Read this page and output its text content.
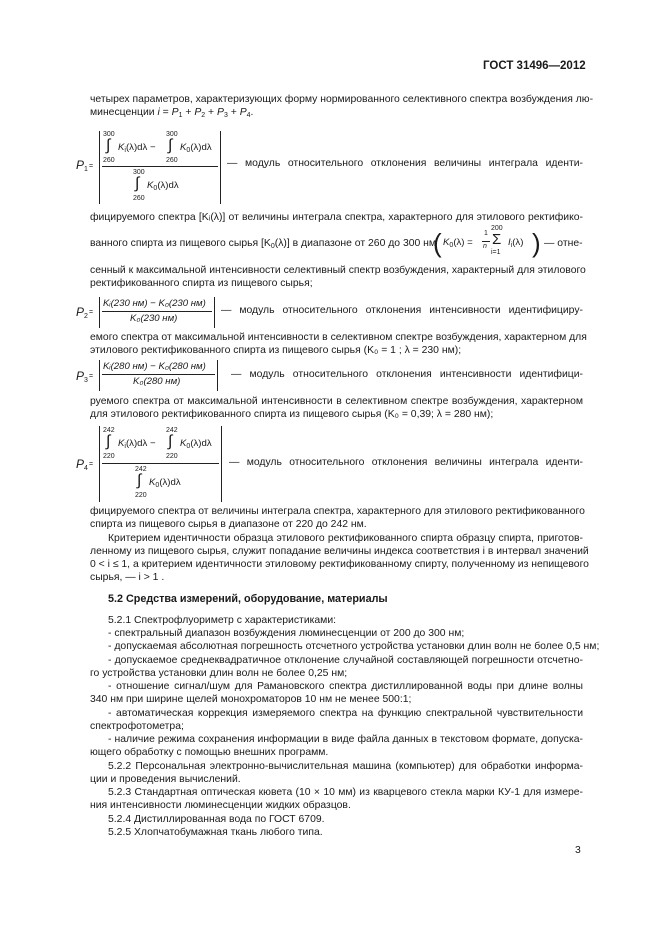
ГОСТ 31496—2012
четырех параметров, характеризующих форму нормированного селективного спектра возбуждения лю-
минесценции $i = P_1 + P_2 + P_3 + P_4$.
$P_1$ =
300
∫
260
$K_i(\lambda)d\lambda$ −
300
∫
260
$K_0(\lambda)d\lambda$
300
∫
260
$K_0(\lambda)d\lambda$
— модуль относительного отклонения величины интеграла иденти-
фицируемого спектра [Kᵢ(λ)] от величины интеграла спектра, характерного для этилового ректифико-
ванного спирта из пищевого сырья $[K_0(\lambda)]$ в диапазоне от 260 до 300 нм
( $K_0(\lambda)$ =
1
n
200
Σ
i=1
$I_i(\lambda)$ ) — отне-
сенный к максимальной интенсивности селективный спектр возбуждения, характерный для этилового
ректификованного спирта из пищевого сырья;
$P_2$
=
Kᵢ(230 нм) − K₀(230 нм)
K₀(230 нм)
— модуль относительного отклонения интенсивности идентифициру-
емого спектра от максимальной интенсивности в селективном спектре возбуждения, характерном для
этилового ректификованного спирта из пищевого сырья (K₀ = 1 ; λ = 230 нм);
$P_3$
=
Kᵢ(280 нм) − K₀(280 нм)
K₀(280 нм)
— модуль относительного отклонения интенсивности идентифици-
руемого спектра от максимальной интенсивности в селективном спектре возбуждения, характерном
для этилового ректификованного спирта из пищевого сырья (K₀ = 0,39; λ = 280 нм);
$P_4$
=
242
∫
220
$K_i(\lambda)d\lambda$ −
242
∫
220
$K_0(\lambda)d\lambda$
242
∫
220
$K_0(\lambda)d\lambda$
— модуль относительного отклонения величины интеграла иденти-
фицируемого спектра от величины интеграла спектра, характерного для этилового ректификованного
спирта из пищевого сырья в диапазоне от 220 до 242 нм.
Критерием идентичности образца этилового ректификованного спирта образцу спирта, приготов-
ленному из пищевого сырья, служит попадание величины индекса соответствия i в интервал значений
0 < i ≤ 1, а критерием идентичности этиловому ректификованному спирту, полученному из непищевого
сырья, — i > 1 .
5.2 Средства измерений, оборудование, материалы
5.2.1 Спектрофлуориметр с характеристиками:
- спектральный диапазон возбуждения люминесценции от 200 до 300 нм;
- допускаемая абсолютная погрешность отсчетного устройства установки длин волн не более 0,5 нм;
- допускаемое среднеквадратичное отклонение случайной составляющей погрешности отсчетно-
го устройства установки длин волн не более 0,25 нм;
- отношение сигнал/шум для Рамановского спектра дистиллированной воды при длине волны
340 нм при ширине щелей монохроматоров 10 нм не менее 500:1;
- автоматическая коррекция измеряемого спектра на функцию спектральной чувствительности
спектрофотометра;
- наличие режима сохранения информации в виде файла данных в текстовом формате, допуска-
ющего обработку с помощью внешних программ.
5.2.2 Персональная электронно-вычислительная машина (компьютер) для обработки информа-
ции и проведения вычислений.
5.2.3 Стандартная оптическая кювета (10 × 10 мм) из кварцевого стекла марки КУ-1 для измере-
ния интенсивности люминесценции жидких образцов.
5.2.4 Дистиллированная вода по ГОСТ 6709.
5.2.5 Хлопчатобумажная ткань любого типа.
3
